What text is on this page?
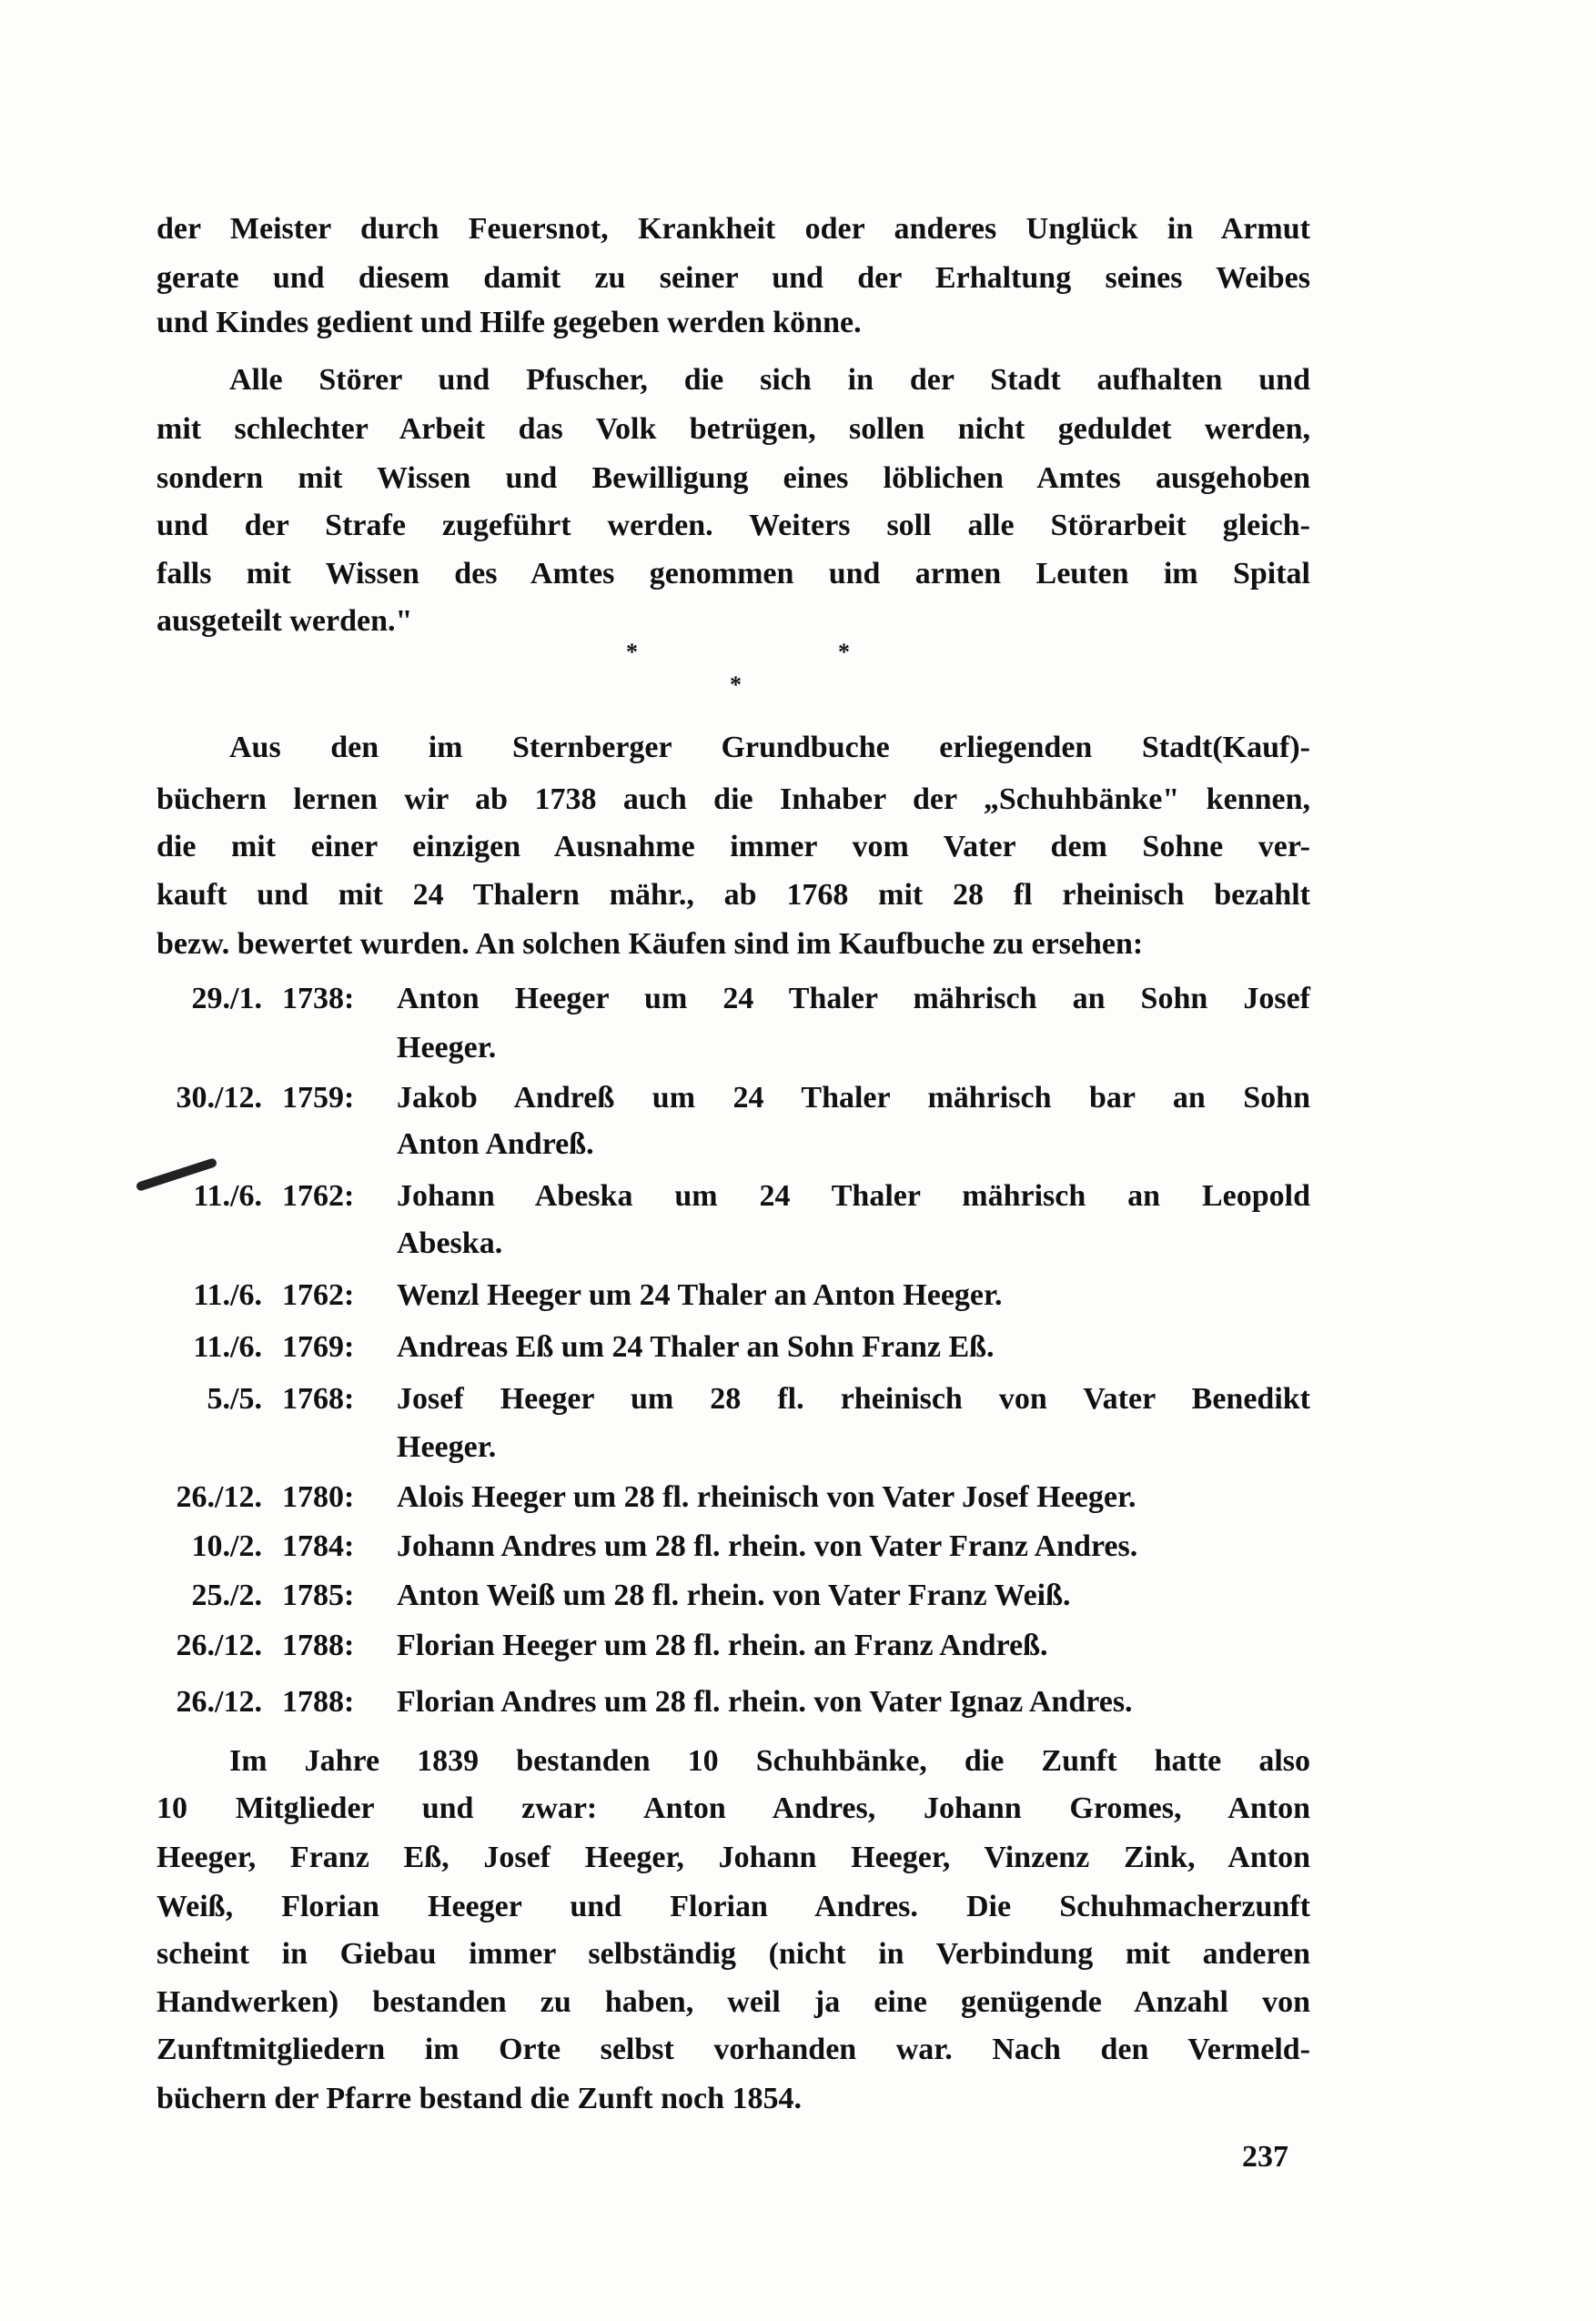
der Meister durch Feuersnot, Krankheit oder anderes Unglück in Armut
gerate und diesem damit zu seiner und der Erhaltung seines Weibes
und Kindes gedient und Hilfe gegeben werden könne.
Alle Störer und Pfuscher, die sich in der Stadt aufhalten und
mit schlechter Arbeit das Volk betrügen, sollen nicht geduldet werden,
sondern mit Wissen und Bewilligung eines löblichen Amtes ausgehoben
und der Strafe zugeführt werden. Weiters soll alle Störarbeit gleich-
falls mit Wissen des Amtes genommen und armen Leuten im Spital
ausgeteilt werden."
*	*
*
Aus den im Sternberger Grundbuche erliegenden Stadt(Kauf)-
büchern lernen wir ab 1738 auch die Inhaber der „Schuhbänke" kennen,
die mit einer einzigen Ausnahme immer vom Vater dem Sohne ver-
kauft und mit 24 Thalern mähr., ab 1768 mit 28 fl rheinisch bezahlt
bezw. bewertet wurden. An solchen Käufen sind im Kaufbuche zu ersehen:
29./1. 1738:	Anton Heeger um 24 Thaler mährisch an Sohn Josef
Heeger.
30./12. 1759:	Jakob Andreß um 24 Thaler mährisch bar an Sohn
Anton Andreß.
11./6. 1762:	Johann Abeska um 24 Thaler mährisch an Leopold
Abeska.
11./6. 1762:	Wenzl Heeger um 24 Thaler an Anton Heeger.
11./6. 1769:	Andreas Eß um 24 Thaler an Sohn Franz Eß.
5./5. 1768:	Josef Heeger um 28 fl. rheinisch von Vater Benedikt
Heeger.
26./12. 1780:	Alois Heeger um 28 fl. rheinisch von Vater Josef Heeger.
10./2. 1784:	Johann Andres um 28 fl. rhein. von Vater Franz Andres.
25./2. 1785:	Anton Weiß um 28 fl. rhein. von Vater Franz Weiß.
26./12. 1788:	Florian Heeger um 28 fl. rhein. an Franz Andreß.
26./12. 1788:	Florian Andres um 28 fl. rhein. von Vater Ignaz Andres.
Im Jahre 1839 bestanden 10 Schuhbänke, die Zunft hatte also
10 Mitglieder und zwar: Anton Andres, Johann Gromes, Anton
Heeger, Franz Eß, Josef Heeger, Johann Heeger, Vinzenz Zink, Anton
Weiß, Florian Heeger und Florian Andres. Die Schuhmacherzunft
scheint in Giebau immer selbständig (nicht in Verbindung mit anderen
Handwerken) bestanden zu haben, weil ja eine genügende Anzahl von
Zunftmitgliedern im Orte selbst vorhanden war. Nach den Vermeld-
büchern der Pfarre bestand die Zunft noch 1854.
237
